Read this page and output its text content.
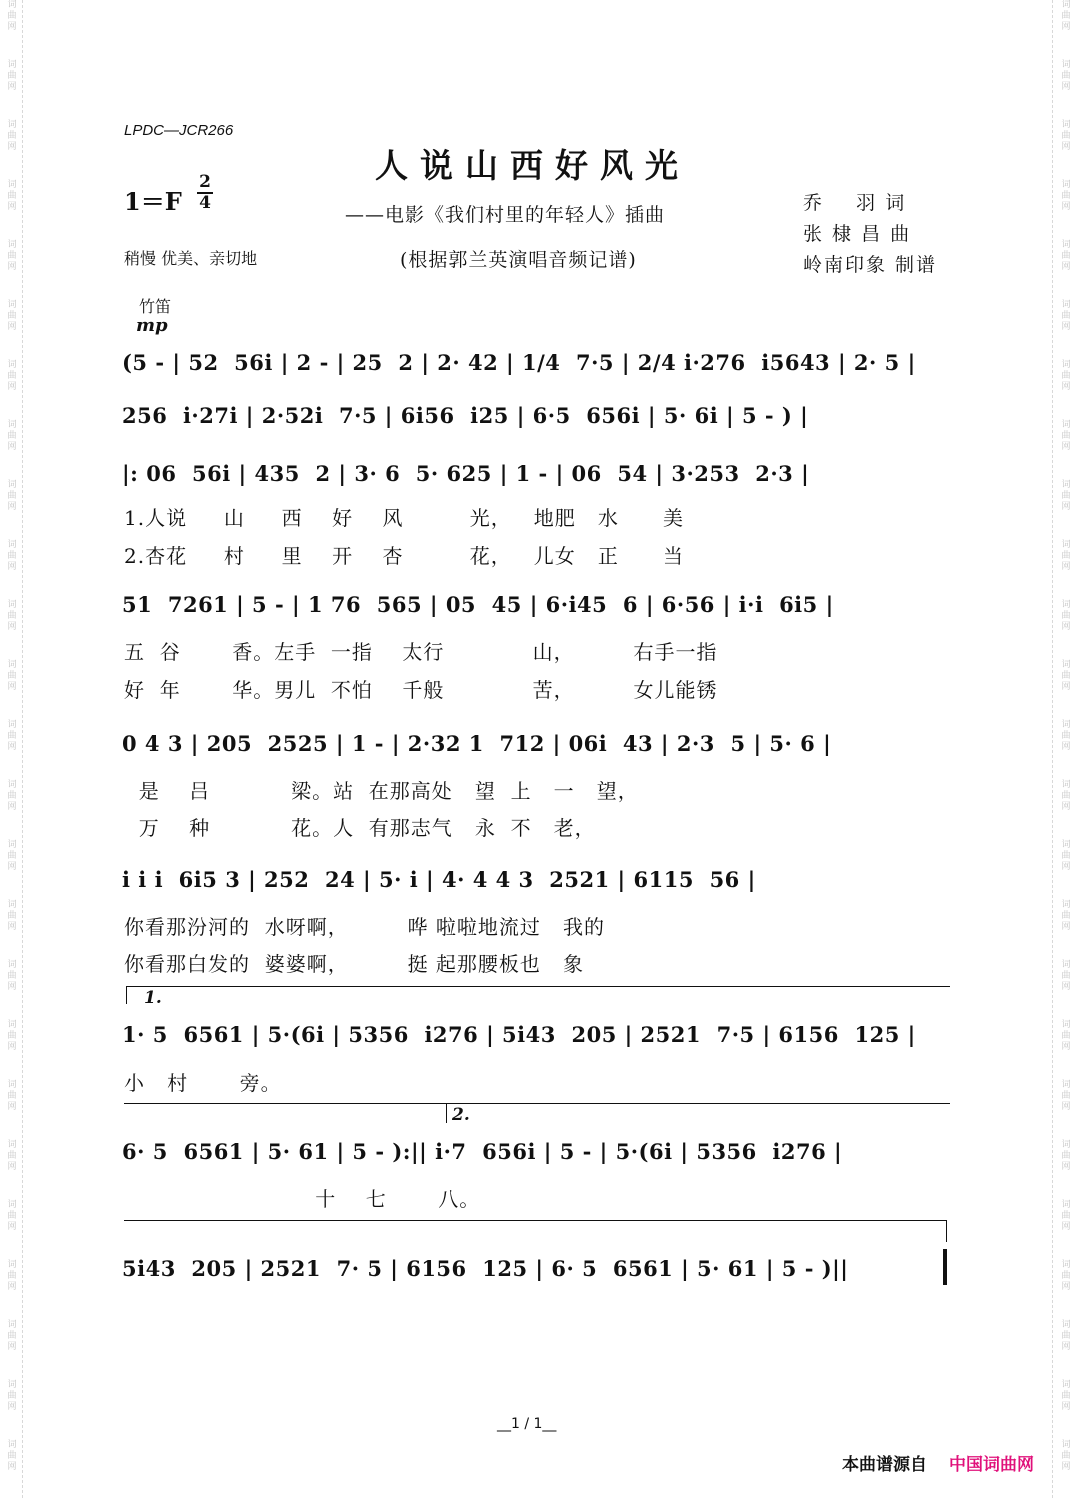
词
曲
网
词
曲
网
词
曲
网
词
曲
网
词
曲
网
词
曲
网
词
曲
网
词
曲
网
词
曲
网
词
曲
网
词
曲
网
词
曲
网
词
曲
网
词
曲
网
词
曲
网
词
曲
网
词
曲
网
词
曲
网
词
曲
网
词
曲
网
词
曲
网
词
曲
网
词
曲
网
词
曲
网
词
曲
网
词
曲
网
词
曲
网
词
曲
网
词
曲
网
词
曲
网
词
曲
网
词
曲
网
词
曲
网
词
曲
网
词
曲
网
词
曲
网
词
曲
网
词
曲
网
词
曲
网
词
曲
网
词
曲
网
词
曲
网
词
曲
网
词
曲
网
词
曲
网
词
曲
网
词
曲
网
词
曲
网
词
曲
网
词
曲
网
LPDC—JCR266
人说山西好风光
$1=F \frac{2}{4}$
——电影《我们村里的年轻人》插曲
(根据郭兰英演唱音频记谱)
稍慢 优美、亲切地
乔    羽 词
张 棣 昌 曲
岭南印象 制谱
竹笛
mp
(5 - | 52  56i | 2 - | 25  2 | 2· 42 | 1/4  7·5 | 2/4 i·276  i5643 | 2· 5 |
256  i·27i | 2·52i  7·5 | 6i56  i25 | 6·5  656i | 5· 6i | 5 - ) |
|: 06  56i | 435  2 | 3· 6  5· 625 | 1 - | 06  54 | 3·253  2·3 |
1.人说     山     西    好    风         光，   地肥   水      美
2.杏花     村     里    开    杏         花，   儿女   正      当
51  7261 | 5 - | 1 76  565 | 05  45 | 6·i45  6 | 6·56 | i·i  6i5 |
五  谷       香。左手  一指    太行            山，        右手一指
好  年       华。男儿  不怕    千般            苦，        女儿能锈
0 4 3 | 205  2525 | 1 - | 2·32 1  712 | 06i  43 | 2·3  5 | 5· 6 |
是    吕           梁。站  在那高处   望  上   一   望，
万    种           花。人  有那志气   永  不   老，
i i i  6i5 3 | 252  24 | 5· i | 4· 4 4 3  2521 | 6115  56 |
你看那汾河的  水呀啊，        哗 啦啦地流过   我的
你看那白发的  婆婆啊，        挺 起那腰板也   象
1.
1· 5  6561 | 5·(6i | 5356  i276 | 5i43  205 | 2521  7·5 | 6156  125 |
小   村       旁。
2.
6· 5  6561 | 5· 61 | 5 - ):|| i·7  656i | 5 - | 5·(6i | 5356  i276 |
十    七       八。
5i43  205 | 2521  7· 5 | 6156  125 | 6· 5  6561 | 5· 61 | 5 - )||
__1 / 1__
本曲谱源自 中国词曲网
